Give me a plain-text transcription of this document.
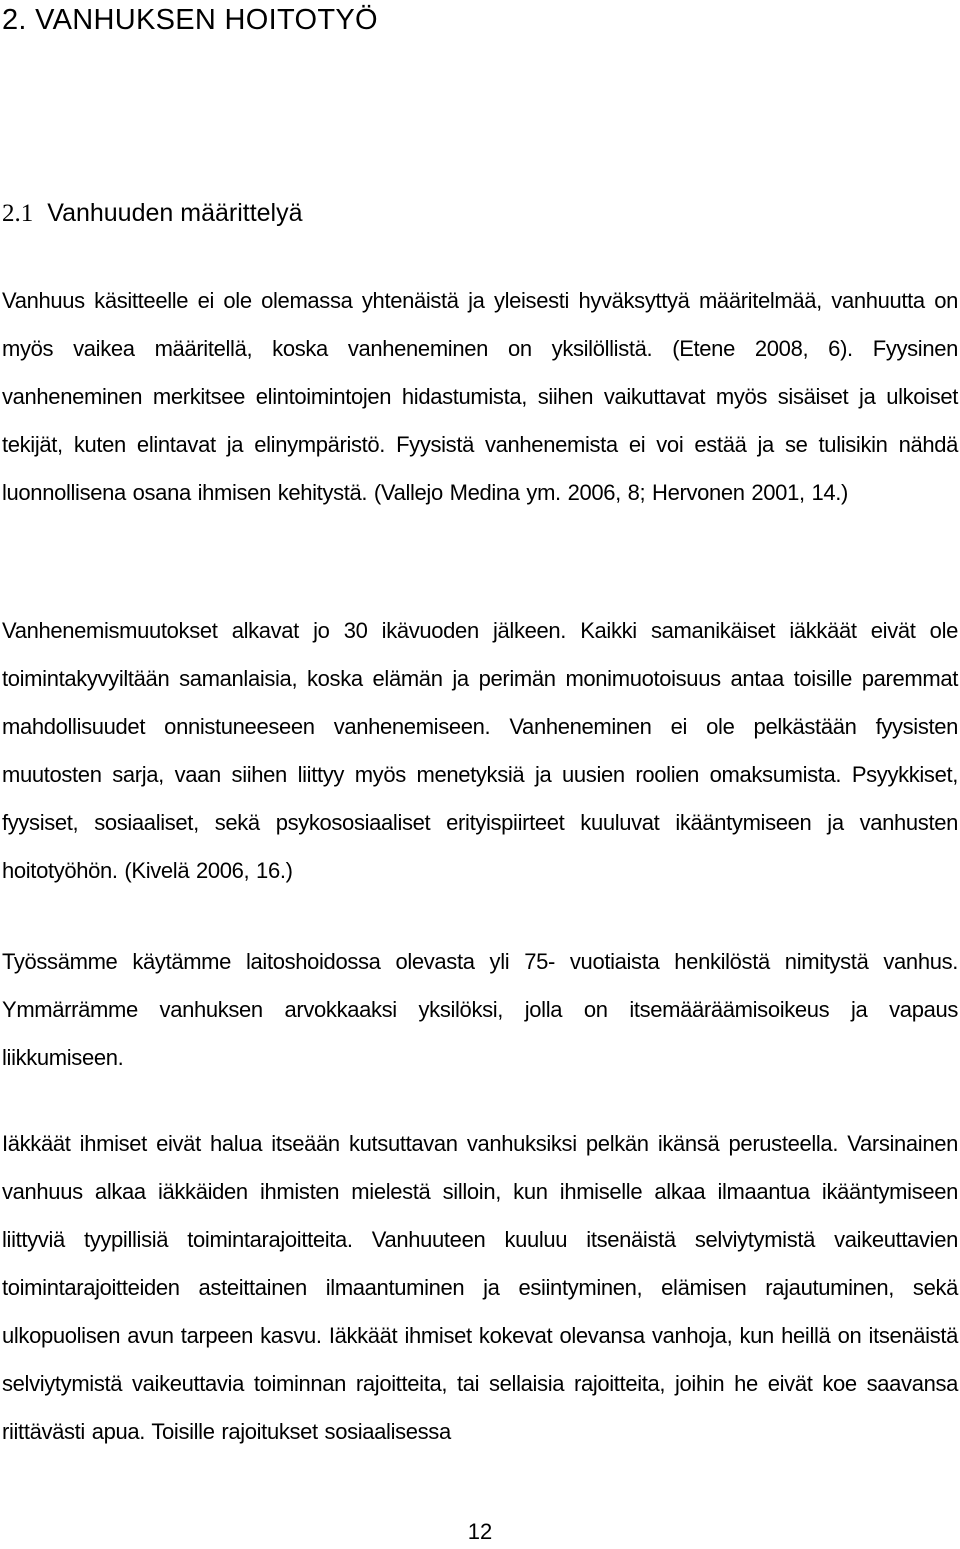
2. VANHUKSEN HOITOTYÖ
2.1 Vanhuuden määrittelyä

Vanhuus käsitteelle ei ole olemassa yhtenäistä ja yleisesti hyväksyttyä määritelmää, vanhuutta on myös vaikea määritellä, koska vanheneminen on yksilöllistä. (Etene 2008, 6). Fyysinen vanheneminen merkitsee elintoimintojen hidastumista, siihen vaikuttavat myös sisäiset ja ulkoiset tekijät, kuten elintavat ja elinympäristö. Fyysistä vanhenemista ei voi estää ja se tulisikin nähdä luonnollisena osana ihmisen kehitystä. (Vallejo Medina ym. 2006, 8; Hervonen 2001, 14.)

Vanhenemismuutokset alkavat jo 30 ikävuoden jälkeen. Kaikki samanikäiset iäkkäät eivät ole toimintakyvyiltään samanlaisia, koska elämän ja perimän monimuotoisuus antaa toisille paremmat mahdollisuudet onnistuneeseen vanhenemiseen. Vanheneminen ei ole pelkästään fyysisten muutosten sarja, vaan siihen liittyy myös menetyksiä ja uusien roolien omaksumista. Psyykkiset, fyysiset, sosiaaliset, sekä psykososiaaliset erityispiirteet kuuluvat ikääntymiseen ja vanhusten hoitotyöhön. (Kivelä 2006, 16.)

Työssämme käytämme laitoshoidossa olevasta yli 75- vuotiaista henkilöstä nimitystä vanhus. Ymmärrämme vanhuksen arvokkaaksi yksilöksi, jolla on itsemääräämisoikeus ja vapaus liikkumiseen.

Iäkkäät ihmiset eivät halua itseään kutsuttavan vanhuksiksi pelkän ikänsä perusteella. Varsinainen vanhuus alkaa iäkkäiden ihmisten mielestä silloin, kun ihmiselle alkaa ilmaantua ikääntymiseen liittyviä tyypillisiä toimintarajoitteita. Vanhuuteen kuuluu itsenäistä selviytymistä vaikeuttavien toimintarajoitteiden asteittainen ilmaantuminen ja esiintyminen, elämisen rajautuminen, sekä ulkopuolisen avun tarpeen kasvu. Iäkkäät ihmiset kokevat olevansa vanhoja, kun heillä on itsenäistä selviytymistä vaikeuttavia toiminnan rajoitteita, tai sellaisia rajoitteita, joihin he eivät koe saavansa riittävästi apua. Toisille rajoitukset sosiaalisessa

12
